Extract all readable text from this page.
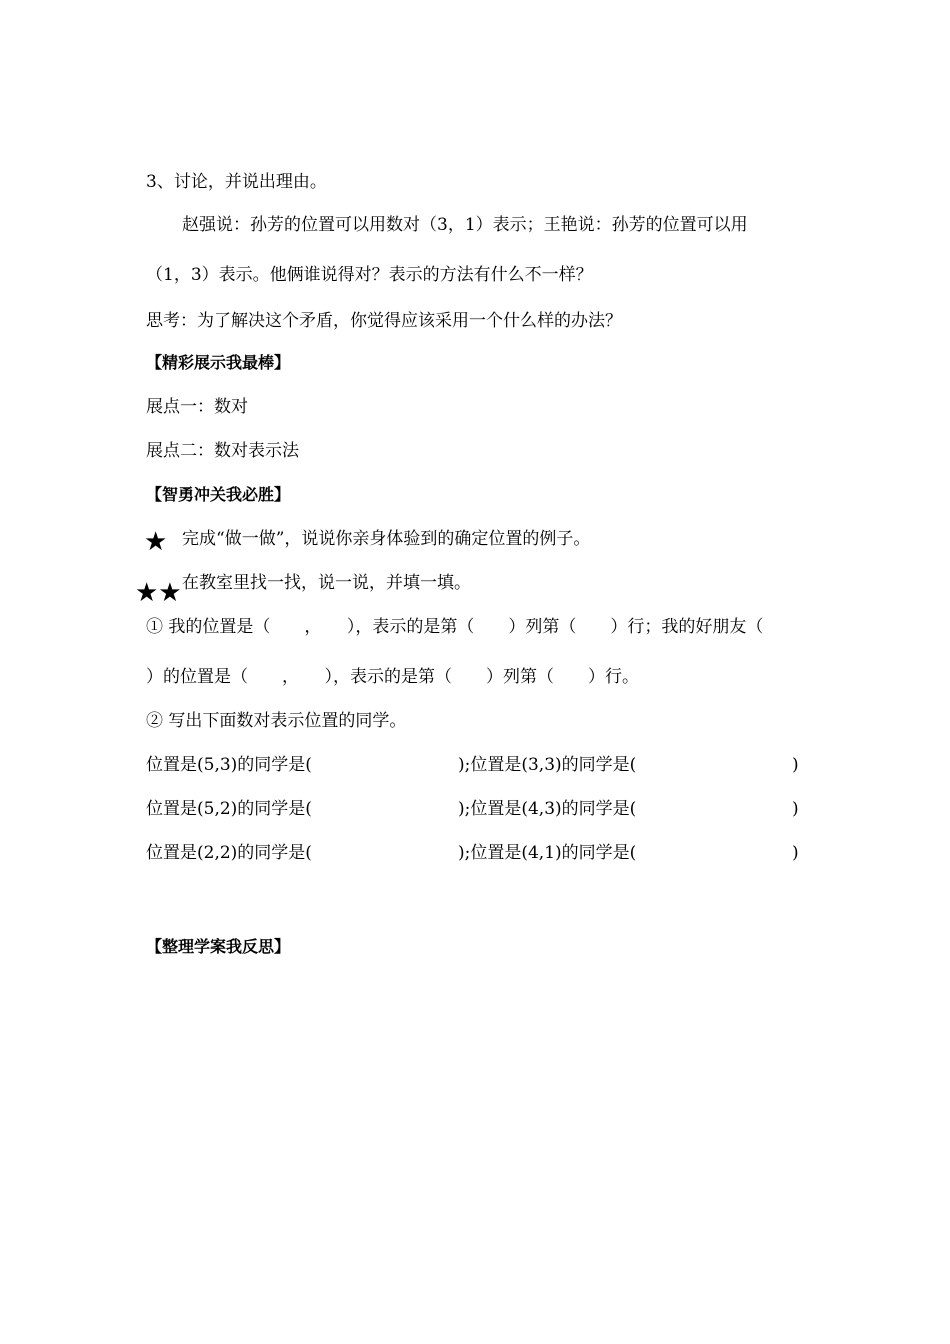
3、讨论，并说出理由。
赵强说：孙芳的位置可以用数对（3，1）表示；王艳说：孙芳的位置可以用
（1，3）表示。他俩谁说得对？表示的方法有什么不一样？
思考：为了解决这个矛盾，你觉得应该采用一个什么样的办法？
【精彩展示我最棒】
展点一：数对
展点二：数对表示法
【智勇冲关我必胜】
★ 完成“做一做”，说说你亲身体验到的确定位置的例子。
★★ 在教室里找一找，说一说，并填一填。
① 我的位置是（　　，　　），表示的是第（　　）列第（　　）行；我的好朋友（
）的位置是（　　，　　），表示的是第（　　）列第（　　）行。
② 写出下面数对表示位置的同学。
位置是(5,3)的同学是(	);位置是(3,3)的同学是(	)
位置是(5,2)的同学是(	);位置是(4,3)的同学是(	)
位置是(2,2)的同学是(	);位置是(4,1)的同学是(	)
【整理学案我反思】
